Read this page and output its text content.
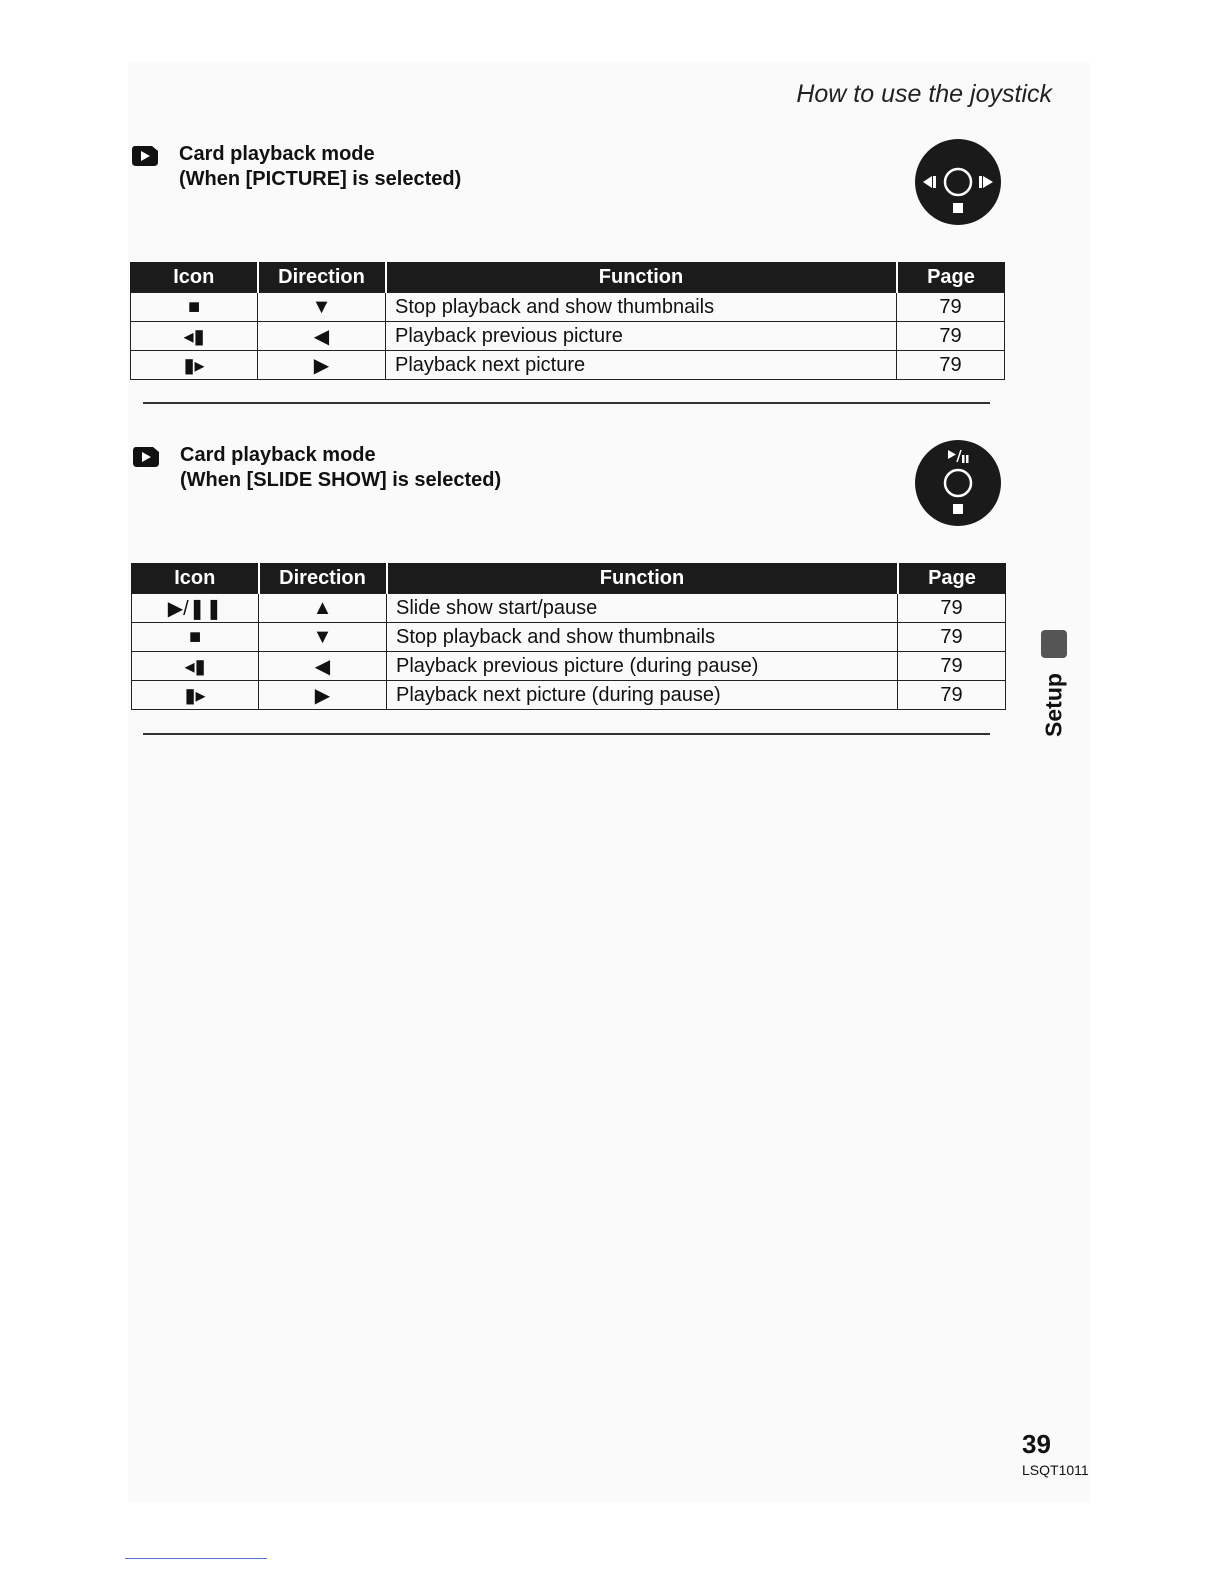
How to use the joystick
Card playback mode
(When [PICTURE] is selected)
Icon	Direction	Function	Page
■	▼	Stop playback and show thumbnails	79
◂▮	◀	Playback previous picture	79
▮▸	▶	Playback next picture	79
Card playback mode
(When [SLIDE SHOW] is selected)
Icon	Direction	Function	Page
▶/❚❚	▲	Slide show start/pause	79
■	▼	Stop playback and show thumbnails	79
◂▮	◀	Playback previous picture (during pause)	79
▮▸	▶	Playback next picture (during pause)	79	Setup
39
LSQT1011
